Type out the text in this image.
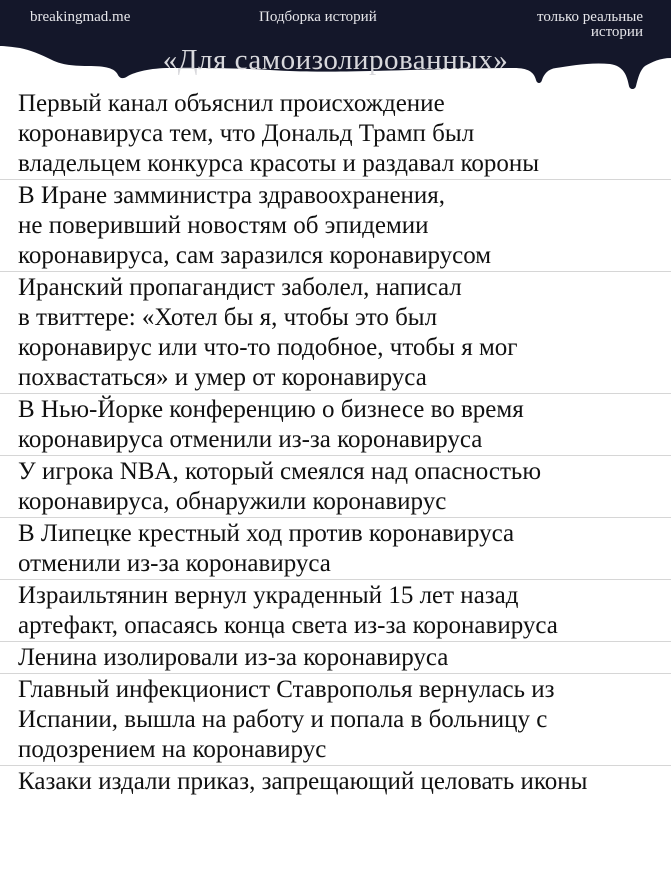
breakingmad.me	Подборка историй	только реальные истории
«Для самоизолированных»
Первый канал объяснил происхождение
коронавируса тем, что Дональд Трамп был
владельцем конкурса красоты и раздавал короны
В Иране замминистра здравоохранения,
не поверивший новостям об эпидемии
коронавируса, сам заразился коронавирусом
Иранский пропагандист заболел, написал
в твиттере: «Хотел бы я, чтобы это был
коронавирус или что-то подобное, чтобы я мог
похвастаться» и умер от коронавируса
В Нью-Йорке конференцию о бизнесе во время
коронавируса отменили из-за коронавируса
У игрока NBA, который смеялся над опасностью
коронавируса, обнаружили коронавирус
В Липецке крестный ход против коронавируса
отменили из-за коронавируса
Израильтянин вернул украденный 15 лет назад
артефакт, опасаясь конца света из-за коронавируса
Ленина изолировали из-за коронавируса
Главный инфекционист Ставрополья вернулась из
Испании, вышла на работу и попала в больницу с
подозрением на коронавирус
Казаки издали приказ, запрещающий целовать иконы
